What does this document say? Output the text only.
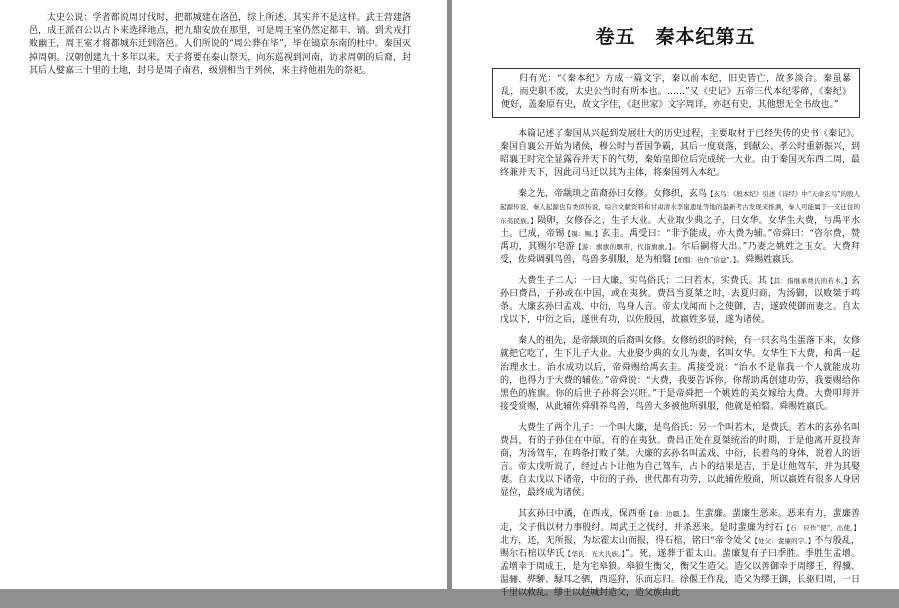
太史公说：学者都说周讨伐时，把都城建在洛邑，综上所述，其实并不是这样。武王营建洛邑，成王派召公以占卜来选择地点，把九鼎安放在那里，可是周王室仍然定都丰、镐。到犬戎打败幽王，周王室才将都城东迁到洛邑。人们所说的“周公葬在毕”，毕在镐京东南的杜中。秦国灭掉周朝。汉朝创建九十多年以来，天子将要在泰山祭天，向东巡视到河南，访求周朝的后裔，封其后人嬖嘉三十里的土地，封号是周子南君，级别相当于列侯，来主持他祖先的祭祀。
卷五　秦本纪第五
归有光：“《秦本纪》方成一篇文字，秦以前本纪，旧史皆亡，故多淡合。秦虽暴乱，而史职不废，太史公当时有所本也。……”又《史记》五帝三代本纪零碎，《秦纪》便好，盖秦原有史，故文字佳，《赵世家》文字周详，亦赵有史，其他想无全书故也。”

本篇记述了秦国从兴起到发展壮大的历史过程，主要取材于已经失传的史书《秦记》。秦国自襄公开始为诸侯，穆公时与晋国争霸，其后一度衰落，到献公、孝公时重新振兴，到昭襄王时完全显露吞并天下的气势，秦始皇即位后完成统一大业。由于秦国灭东西二周，最终兼并天下，因此司马迁以其为主体，将秦国列入本纪。

秦之先，帝颛顼之苗裔孙曰女修。女修织，玄鸟【玄鸟：《殷本纪》引述《诗经》中“天命玄鸟”的殷人起源传说，秦人起源也有类似传说，综合文献资料和甘肃清水李崖遗址等地的最新考古发现来推测，秦人可能属于一支迁往的东夷民族。】陨卵，女修吞之，生子大业。大业取少典之子，曰女华。女华生大费，与禹平水土。已成，帝锡【锡：赐。】玄圭。禹受曰：“非予能成，亦大费为辅。”帝舜曰：“咨尔费，赞禹功，其赐尔皂游【游：旗旗的飘带，代指旗旗。】。尔后嗣将大出。”乃妻之姚姓之玉女。大费拜受，佐舜调驯鸟兽，鸟兽多驯服，是为柏翳【柏翳：也作“伯益”。】。舜赐姓嬴氏。

大费生子二人：一曰大廉，实鸟俗氏；二曰若木，实费氏。其【其：指继承费氏的若木。】玄孙曰费昌，子孙或在中国，或在夷狄。费昌当夏桀之时，去夏归商，为汤御，以败桀于鸣条。大廉玄孙曰孟戏、中衍，鸟身人言。帝太戊闻而卜之使御，吉，遂致使御而妻之。自太戊以下，中衍之后，遂世有功，以佐殷国，故嬴姓多显，遂为诸侯。

秦人的祖先，是帝颛顼的后裔叫女修。女修纺织的时候，有一只玄鸟生蛋落下来，女修就把它吃了，生下儿子大业。大业娶少典的女儿为妻，名叫女华。女华生下大费，和禹一起治理水土。治水成功以后，帝舜赐给禹玄圭。禹接受说：“治水不是靠我一个人就能成功的，也得力于大费的辅佐。”帝舜说：“大费，我要告诉你，你帮助禹创建功劳，我要赐给你黑色的旌旗。你的后世子孙将会兴旺。”于是帝舜把一个姚姓的美女嫁给大费。大费叩拜并接受赏赐，从此辅佐舜驯养鸟兽，鸟兽大多被他所驯服，他就是柏翳。舜赐姓嬴氏。

大费生了两个儿子：一个叫大廉，是鸟俗氏；另一个叫若木，是费氏。若木的玄孙名叫费昌，有的子孙住在中原，有的在夷狄。费昌正处在夏桀统治的时期，于是他离开夏投奔商，为汤驾车，在鸣条打败了桀。大廉的玄孙名叫孟戏、中衍，长着鸟的身体，说着人的语言。帝太戊听说了，经过占卜让他为自己驾车，占卜的结果是吉，于是让他驾车，并为其娶妻。自太戊以下诸帝，中衍的子孙，世代都有功劳，以此辅佐殷商，所以嬴姓有很多人身居显位，最终成为诸侯。

其玄孙曰中潏，在西戎，保西垂【垂：边疆。】。生蜚廉。蜚廉生恶来。恶来有力，蜚廉善走，父子俱以材力事殷纣。周武王之伐纣，并杀恶来。是时蜚廉为纣石【石：应作“使”，出使。】北方，还，无所报，为坛霍太山而报，得石棺，铭曰“帝令处父【处父：蜚廉的字。】不与殷乱，赐尔石棺以华氏【华氏：光大氏族。】”。死，遂葬于霍太山。蜚廉复有子曰季胜。季胜生孟增。孟增幸于周成王，是为宅皋狼。皋狼生衡父，衡父生造父。造父以善御幸于周缪王，得骥、温骊、骅駵、騄耳之驷，西巡狩，乐而忘归。徐偃王作乱，造父为缪王御，长驱归周，一日千里以救乱。缪王以赵城封造父，造父族由此
